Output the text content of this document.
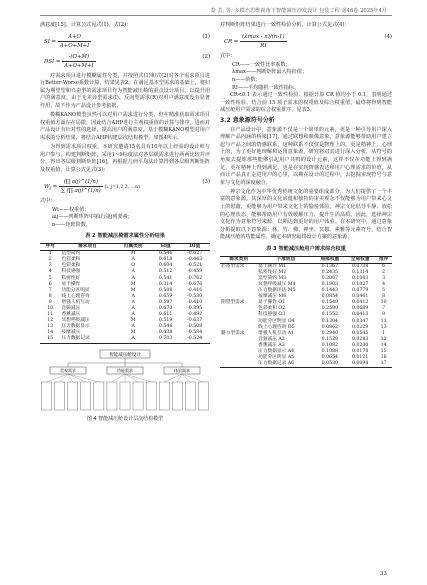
秦 芸, 等: 多模态思维视角下智能减压沙发设计 包装工程 第46卷 2025年4月

满意度[15]。计算公式见式(1)、式(2)：

SI = $\frac{A+O}{A+O+M+I}$	(1)
DSI = $\frac{-(O+M)}{A+O+M+I}$	(2)

对需求项目进行模糊属性分类，并按照式(1)和式(2)对各个需求项目进行Better-Worse系数计算，结果见表2。在满足基本型需求的基础上，将归属为期望型和兴奋型的需求项目作为智能减压椅的重点设计项目，以提升用户的满意度。由于无差异型需求(I)、反向型需求(R)对用户满意度没有显著作用，故不作为产品设计参考依据。

模糊KANO模型虽然可以对用户需求进行分类，但在精准获取需求项目权重值方面存在局限，因此结合AHP进行主观权重值的计算与排序，进而对产品设计有针对性的选择，提高用户的满意度。基于模糊KANO模型对用户需求的分析结果，将结合AHP构建层次结构模型，如图4所示。

为得到需求项目权重，本研究邀请15名具有10年以上经验的设计师与用户参与，构建判断矩阵，采用1~9标度法对各层级需求进行两两比较并评分，得出各层级判断矩阵[16]，再根据几何平均法计算得到各层级判断矩阵及权重值，计算公式见式(3)：

$W_i = \frac{\text{(∏ aij)\textasciicircum{}(1/n)}}{\text{∑ (∏ aij)\textasciicircum{}(1/n)}} (i$, j=1,2,3,…,n)
(3)

式中：

Wi——权重值；

aij——判断矩阵中第i行第j列要素；

n——矩阵阶数。

表 2 智能减压椅需求属性分析结果
序号	需求项目	归属类别	SI值	DI值
1	造型简约	M	0.546	-0.627
2	色彩柔和	A	0.618	-0.443
3	色彩柔和	O	0.604	-0.521
4	科技感强	A	0.512	-0.459
5	私密性好	A	0.541	-0.762
6	易于操作	M	0.314	-0.676
7	功能分区明显	M	0.508	-0.416
8	线上心理咨询	A	0.659	-0.530
9	增强人机互动	A	0.597	-0.410
10	音频减压	A	0.670	-0.395
11	香薰减压	A	0.611	-0.492
12	冥想呼吸减压	M	0.519	-0.637
13	压力数据显示	A	0.546	-0.508
14	按摩减压	M	0.438	-0.584
15	压力数据记录	A	0.703	-0.524
智能减压舱设计
美观需求	功能需求	体验需求
图 4 智能减压舱设计层次结构模型

对判断矩阵结果进行一致性检验分析，计算公式见式(4)：

CR = $\frac{(\lambda\max - n)/(n-1)}{RI}$	(4)

式中：

CR——一致性比率系数；

λmax——判断矩阵最大特征值；

n——阶数；

RI——平均随机一致性指标。

CR<0.1 表示通过一致性检验。根据计算 CR 值均小于 0.1，表明通过一致性检验。结合前 15 项子需求的权重值及综合权重值，最终将得到智能减压舱用户需求的综合权重排序，见表3。

3.2 意象源符号分析

在产品设计中，意象源不仅是一个简单的元素，更是一种引导用户深入理解产品内涵的桥梁[17]。通过联想和映像意象，意象源能够帮助用户建立起与产品之间的情感联系，这种联系不仅仅是物理上的，更是精神上、心理上的。为了更好地理解和运用意象源，研究将对其进行深入分析，从符号的角度去提炼那些能够引起用户共鸣的设计元素，这样不仅在功能上得到满足，更在精神上得到满足，更是在实现情感表达和用户心理需求的价值，从而让产品真正走进用户的心里，以期在设计的过程中，去挖掘实现符号与意象与文化的深度融合。

神宗文化作为中华优秀传统文化的重要组成部分，为人们提供了一个丰富的意象源。其深厚的文化底蕴和独特的审美观念不仅能够为用户带来心灵上的慰藉，更能够为用户带来文化上的愉悦体验。神宗文化倡导平静、放松的心理状态，能够帮助用户有效缓解压力，提升生活品质。因此，选择神宗文化作为意象符号来源，以期达到更好的用户体验。在本研究中，通过意象分析提取以下意象源：林、竹、佛、禅坐、冥想、素雅等元素符号，结合智能减压舱的功能属性，确定本研究最终设计方案的意象源。

表 3 智能减压舱用户需求综合权重
需求类别	子准则层	局部权重	全局权重	排序
必备型需求	易于操作 M1	0.1367	0.0738	6
	私密性好 M2	0.2435	0.1314	2
	造型简约 M3	0.2007	0.1083	3
	冥想呼吸减压 M4	0.1903	0.1027	4
	压力数据评估 M5	0.1443	0.0779	5
	按摩减压 M6	0.0854	0.0461	8
期望型需求	易于操作 O1	0.1549	0.0412	10
	色彩柔和 O2	0.2589	0.0689	7
	科技感强 O3	0.1552	0.0413	9
	功能分区明显 O4	0.1304	0.0347	11
	线上心理咨询 O5	0.0862	0.0229	13
魅力型需求	增强人机互动 A1	0.2940	0.0545	1
	音频减压 A2	0.1529	0.0283	12
	香薰减压 A3	0.1082	0.0200	14
	压力数据显示 A4	0.1088	0.0178	15
	功能分区明显 A5	0.0654	0.0121	16
	压力数据记录 A6	0.0530	0.0098	17
33
